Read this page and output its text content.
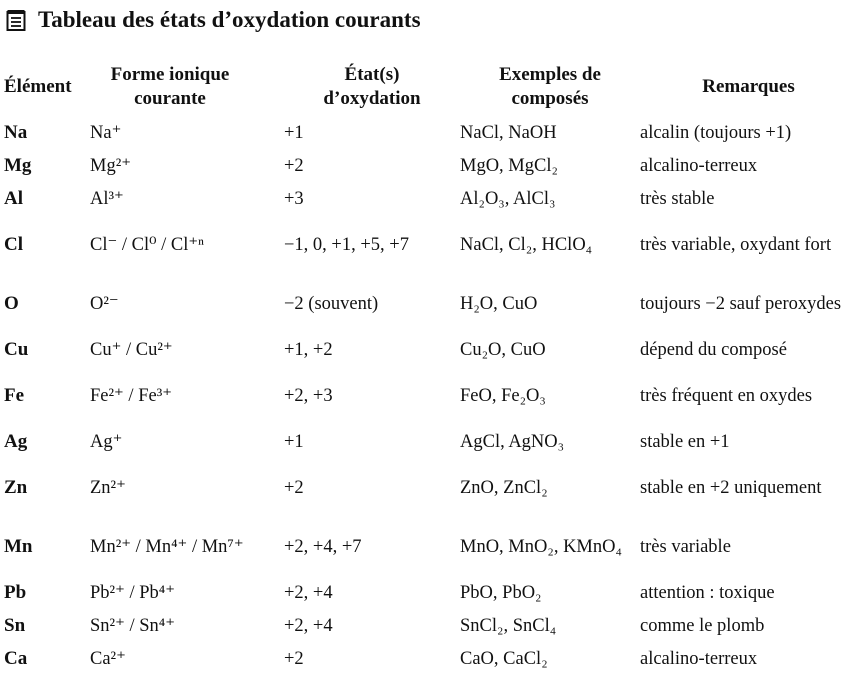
Tableau des états d’oxydation courants
Élément	Forme ionique courante	État(s) d’oxydation	Exemples de composés	Remarques
Na	Na⁺	+1	NaCl, NaOH	alcalin (toujours +1)
Mg	Mg²⁺	+2	MgO, MgCl₂	alcalino-terreux
Al	Al³⁺	+3	Al₂O₃, AlCl₃	très stable
Cl	Cl⁻ / Cl⁰ / Cl⁺ⁿ	−1, 0, +1, +5, +7	NaCl, Cl₂, HClO₄	très variable, oxydant fort
O	O²⁻	−2 (souvent)	H₂O, CuO	toujours −2 sauf peroxydes
Cu	Cu⁺ / Cu²⁺	+1, +2	Cu₂O, CuO	dépend du composé
Fe	Fe²⁺ / Fe³⁺	+2, +3	FeO, Fe₂O₃	très fréquent en oxydes
Ag	Ag⁺	+1	AgCl, AgNO₃	stable en +1
Zn	Zn²⁺	+2	ZnO, ZnCl₂	stable en +2 uniquement
Mn	Mn²⁺ / Mn⁴⁺ / Mn⁷⁺	+2, +4, +7	MnO, MnO₂, KMnO₄	très variable
Pb	Pb²⁺ / Pb⁴⁺	+2, +4	PbO, PbO₂	attention : toxique
Sn	Sn²⁺ / Sn⁴⁺	+2, +4	SnCl₂, SnCl₄	comme le plomb
Ca	Ca²⁺	+2	CaO, CaCl₂	alcalino-terreux
